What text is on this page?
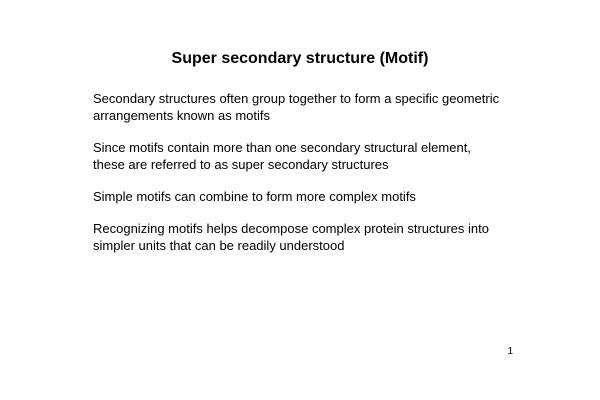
Super secondary structure (Motif)

Secondary structures often group together to form a specific geometric
arrangements known as motifs

Since motifs contain more than one secondary structural element,
these are referred to as super secondary structures

Simple motifs can combine to form more complex motifs

Recognizing motifs helps decompose complex protein structures into
simpler units that can be readily understood

1
